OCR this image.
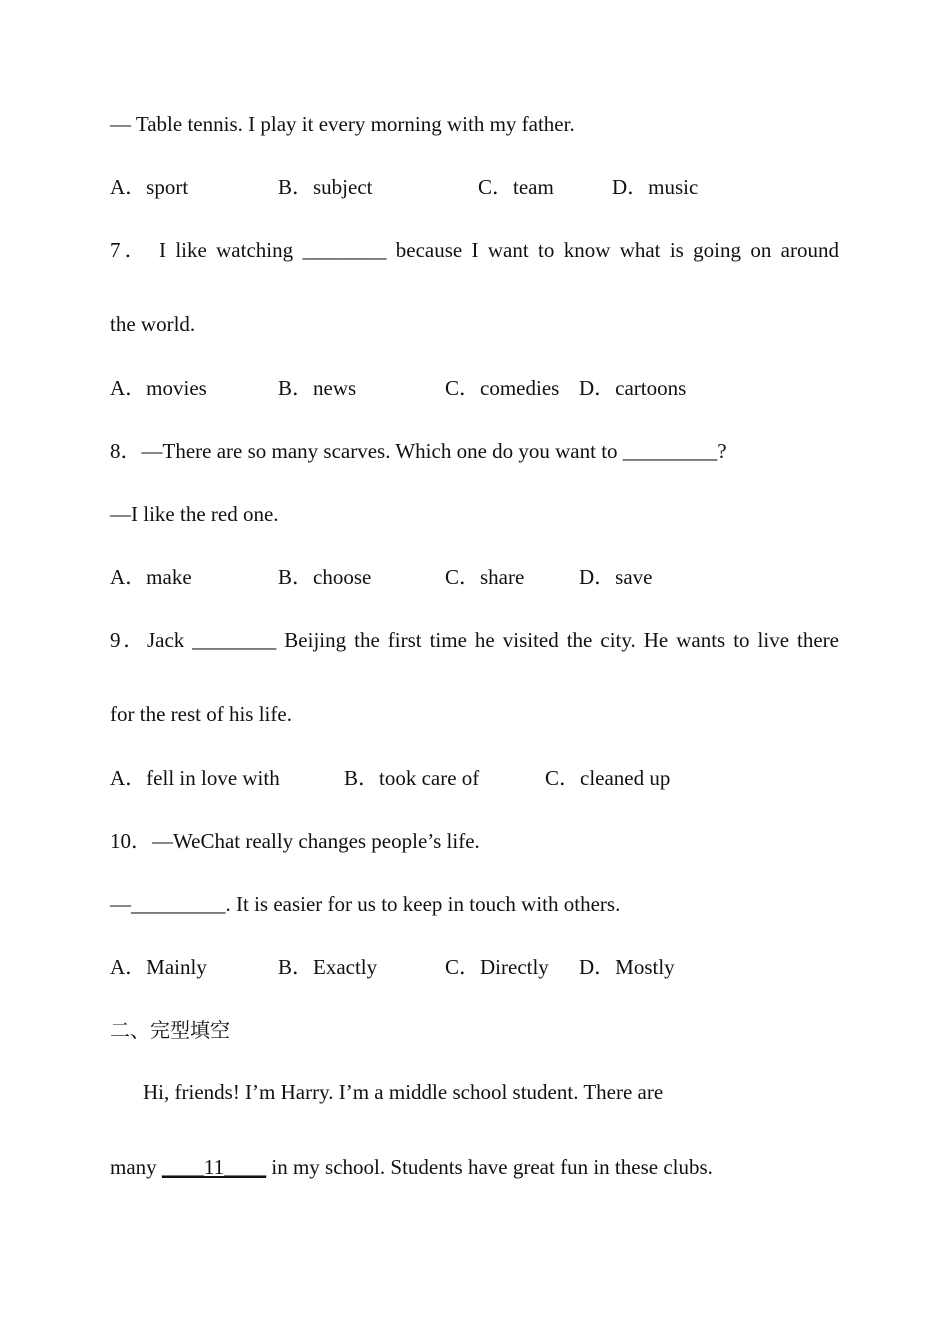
— Table tennis. I play it every morning with my father.
A．sport	B．subject	C．team	D．music
7． I like watching ________ because I want to know what is going on around
the world.
A．movies	B．news	C．comedies D．cartoons
8．—There are so many scarves. Which one do you want to _________?
—I like the red one.
A．make	B．choose	C．share	D．save
9．Jack ________ Beijing the first time he visited the city. He wants to live there
for the rest of his life.
A．fell in love with	B．took care of	C．cleaned up
10．—WeChat really changes people’s life.
—_________. It is easier for us to keep in touch with others.
A．Mainly	B．Exactly	C．Directly D．Mostly
二、完型填空
Hi, friends! I’m Harry. I’m a middle school student. There are
many ____11____ in my school. Students have great fun in these clubs.
